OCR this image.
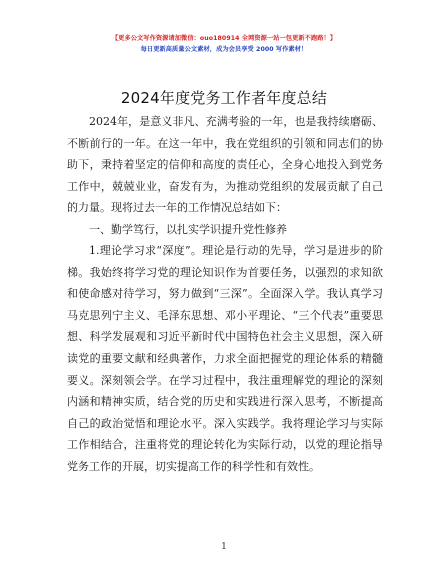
【更多公文写作资源请加微信：ouo180914 全网资源一站一包更新不跑路！】
每日更新高质量公文素材，成为会员享受 2000 写作素材！
2024年度党务工作者年度总结
2024年，是意义非凡、充满考验的一年，也是我持续磨砺、不断前行的一年。在这一年中，我在党组织的引领和同志们的协助下，秉持着坚定的信仰和高度的责任心，全身心地投入到党务工作中，兢兢业业，奋发有为，为推动党组织的发展贡献了自己的力量。现将过去一年的工作情况总结如下：
一、勤学笃行，以扎实学识提升党性修养
1.理论学习求“深度”。理论是行动的先导，学习是进步的阶梯。我始终将学习党的理论知识作为首要任务，以强烈的求知欲和使命感对待学习，努力做到“三深”。全面深入学。我认真学习马克思列宁主义、毛泽东思想、邓小平理论、“三个代表”重要思想、科学发展观和习近平新时代中国特色社会主义思想，深入研读党的重要文献和经典著作，力求全面把握党的理论体系的精髓要义。深刻领会学。在学习过程中，我注重理解党的理论的深刻内涵和精神实质，结合党的历史和实践进行深入思考，不断提高自己的政治觉悟和理论水平。深入实践学。我将理论学习与实际工作相结合，注重将党的理论转化为实际行动，以党的理论指导党务工作的开展，切实提高工作的科学性和有效性。
1
